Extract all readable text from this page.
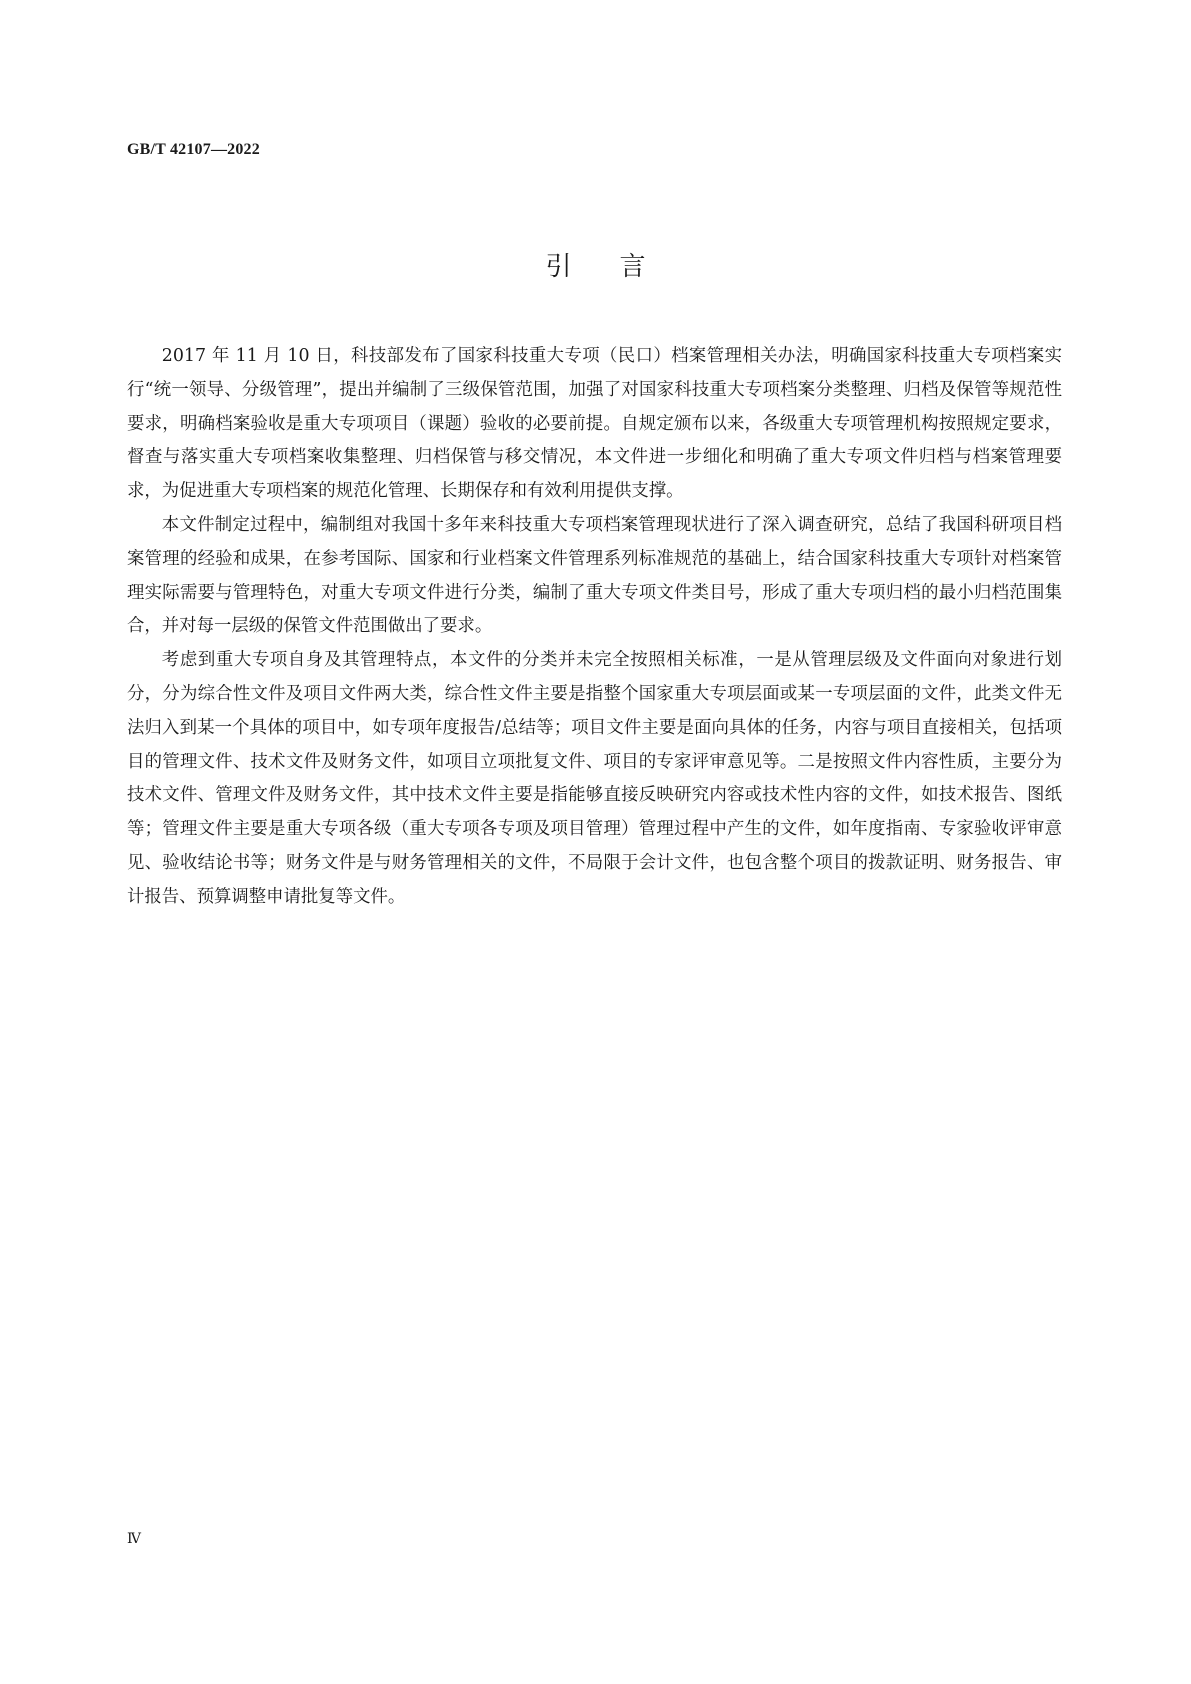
GB/T 42107—2022
引言

2017 年 11 月 10 日，科技部发布了国家科技重大专项（民口）档案管理相关办法，明确国家科技重大专项档案实行“统一领导、分级管理”，提出并编制了三级保管范围，加强了对国家科技重大专项档案分类整理、归档及保管等规范性要求，明确档案验收是重大专项项目（课题）验收的必要前提。自规定颁布以来，各级重大专项管理机构按照规定要求，督查与落实重大专项档案收集整理、归档保管与移交情况，本文件进一步细化和明确了重大专项文件归档与档案管理要求，为促进重大专项档案的规范化管理、长期保存和有效利用提供支撑。

本文件制定过程中，编制组对我国十多年来科技重大专项档案管理现状进行了深入调查研究，总结了我国科研项目档案管理的经验和成果，在参考国际、国家和行业档案文件管理系列标准规范的基础上，结合国家科技重大专项针对档案管理实际需要与管理特色，对重大专项文件进行分类，编制了重大专项文件类目号，形成了重大专项归档的最小归档范围集合，并对每一层级的保管文件范围做出了要求。

考虑到重大专项自身及其管理特点，本文件的分类并未完全按照相关标准，一是从管理层级及文件面向对象进行划分，分为综合性文件及项目文件两大类，综合性文件主要是指整个国家重大专项层面或某一专项层面的文件，此类文件无法归入到某一个具体的项目中，如专项年度报告/总结等；项目文件主要是面向具体的任务，内容与项目直接相关，包括项目的管理文件、技术文件及财务文件，如项目立项批复文件、项目的专家评审意见等。二是按照文件内容性质，主要分为技术文件、管理文件及财务文件，其中技术文件主要是指能够直接反映研究内容或技术性内容的文件，如技术报告、图纸等；管理文件主要是重大专项各级（重大专项各专项及项目管理）管理过程中产生的文件，如年度指南、专家验收评审意见、验收结论书等；财务文件是与财务管理相关的文件，不局限于会计文件，也包含整个项目的拨款证明、财务报告、审计报告、预算调整申请批复等文件。

Ⅳ
